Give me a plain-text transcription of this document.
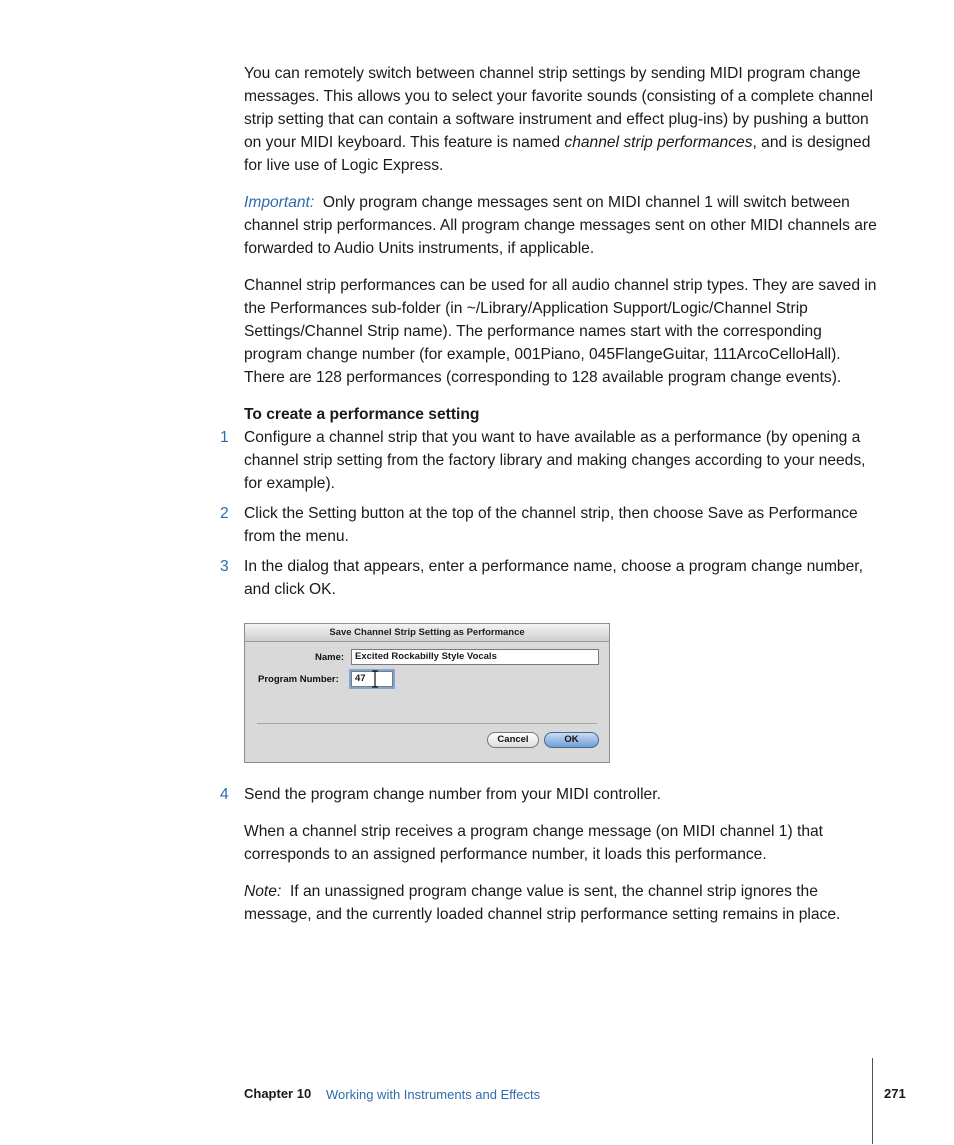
You can remotely switch between channel strip settings by sending MIDI program change messages. This allows you to select your favorite sounds (consisting of a complete channel strip setting that can contain a software instrument and effect plug-ins) by pushing a button on your MIDI keyboard. This feature is named channel strip performances, and is designed for live use of Logic Express.

Important: Only program change messages sent on MIDI channel 1 will switch between channel strip performances. All program change messages sent on other MIDI channels are forwarded to Audio Units instruments, if applicable.

Channel strip performances can be used for all audio channel strip types. They are saved in the Performances sub-folder (in ~/Library/Application Support/Logic/Channel Strip Settings/Channel Strip name). The performance names start with the corresponding program change number (for example, 001Piano, 045FlangeGuitar, 111ArcoCelloHall). There are 128 performances (corresponding to 128 available program change events).

To create a performance setting

1 Configure a channel strip that you want to have available as a performance (by opening a channel strip setting from the factory library and making changes according to your needs, for example).
2 Click the Setting button at the top of the channel strip, then choose Save as Performance from the menu.
3 In the dialog that appears, enter a performance name, choose a program change number, and click OK.
Save Channel Strip Setting as Performance
Name:	Excited Rockabilly Style Vocals
Program Number:	47
Cancel	OK
4 Send the program change number from your MIDI controller.

When a channel strip receives a program change message (on MIDI channel 1) that corresponds to an assigned performance number, it loads this performance.

Note: If an unassigned program change value is sent, the channel strip ignores the message, and the currently loaded channel strip performance setting remains in place.

Chapter 10 Working with Instruments and Effects	271
